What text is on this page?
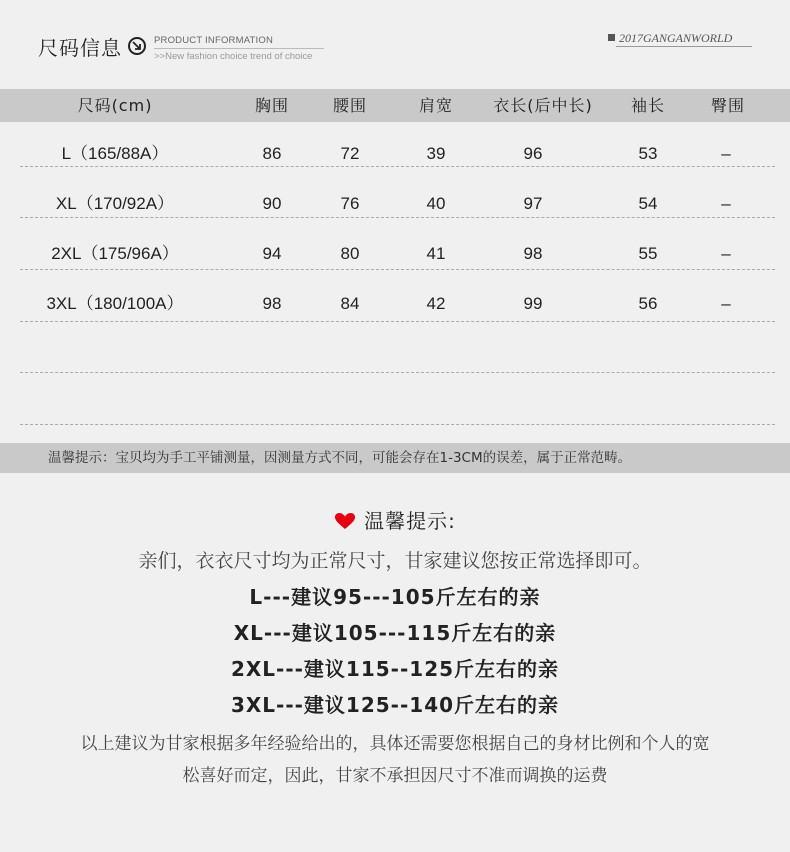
尺码信息	PRODUCT INFORMATION
>>New fashion choice trend of choice
2017GANGANWORLD
尺码(cm)	胸围	腰围	肩宽	衣长(后中长)	袖长	臀围
L（165/88A）	86	72	39	96	53	–
XL（170/92A）	90	76	40	97	54	–
2XL（175/96A）	94	80	41	98	55	–
3XL（180/100A）	98	84	42	99	56	–
温馨提示：宝贝均为手工平铺测量，因测量方式不同，可能会存在1-3CM的误差，属于正常范畴。
温馨提示:
亲们，衣衣尺寸均为正常尺寸，甘家建议您按正常选择即可。
L---建议95---105斤左右的亲
XL---建议105---115斤左右的亲
2XL---建议115--125斤左右的亲
3XL---建议125--140斤左右的亲
以上建议为甘家根据多年经验给出的，具体还需要您根据自己的身材比例和个人的宽
松喜好而定，因此，甘家不承担因尺寸不准而调换的运费
